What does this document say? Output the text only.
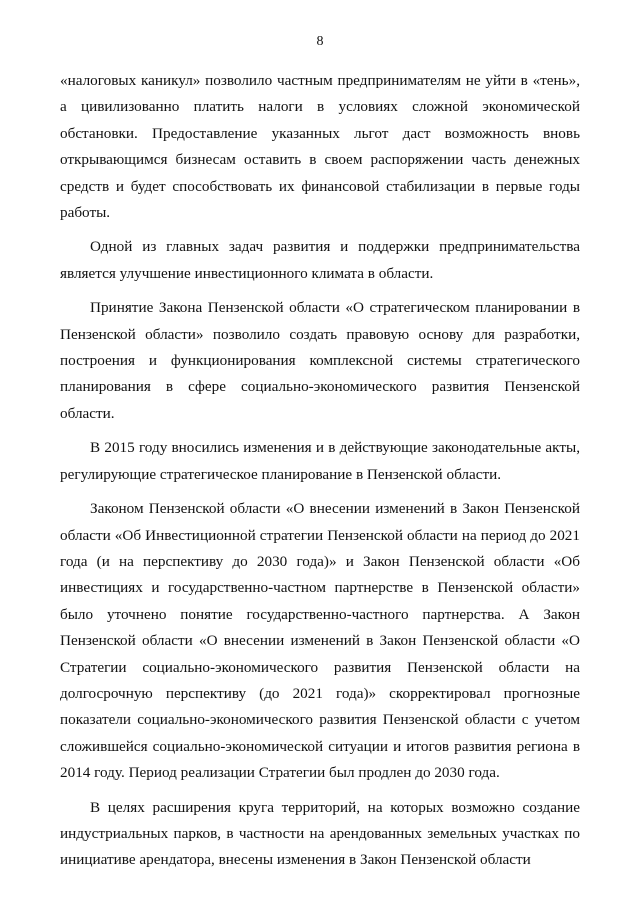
8

«налоговых каникул» позволило частным предпринимателям не уйти в «тень», а цивилизованно платить налоги в условиях сложной экономической обстановки. Предоставление указанных льгот даст возможность вновь открывающимся бизнесам оставить в своем распоряжении часть денежных средств и будет способствовать их финансовой стабилизации в первые годы работы.

Одной из главных задач развития и поддержки предпринимательства является улучшение инвестиционного климата в области.

Принятие Закона Пензенской области «О стратегическом планировании в Пензенской области» позволило создать правовую основу для разработки, построения и функционирования комплексной системы стратегического планирования в сфере социально-экономического развития Пензенской области.

В 2015 году вносились изменения и в действующие законодательные акты, регулирующие стратегическое планирование в Пензенской области.

Законом Пензенской области «О внесении изменений в Закон Пензенской области «Об Инвестиционной стратегии Пензенской области на период до 2021 года (и на перспективу до 2030 года)» и Закон Пензенской области «Об инвестициях и государственно-частном партнерстве в Пензенской области» было уточнено понятие государственно-частного партнерства. А Закон Пензенской области «О внесении изменений в Закон Пензенской области «О Стратегии социально-экономического развития Пензенской области на долгосрочную перспективу (до 2021 года)» скорректировал прогнозные показатели социально-экономического развития Пензенской области с учетом сложившейся социально-экономической ситуации и итогов развития региона в 2014 году. Период реализации Стратегии был продлен до 2030 года.

В целях расширения круга территорий, на которых возможно создание индустриальных парков, в частности на арендованных земельных участках по инициативе арендатора, внесены изменения в Закон Пензенской области
